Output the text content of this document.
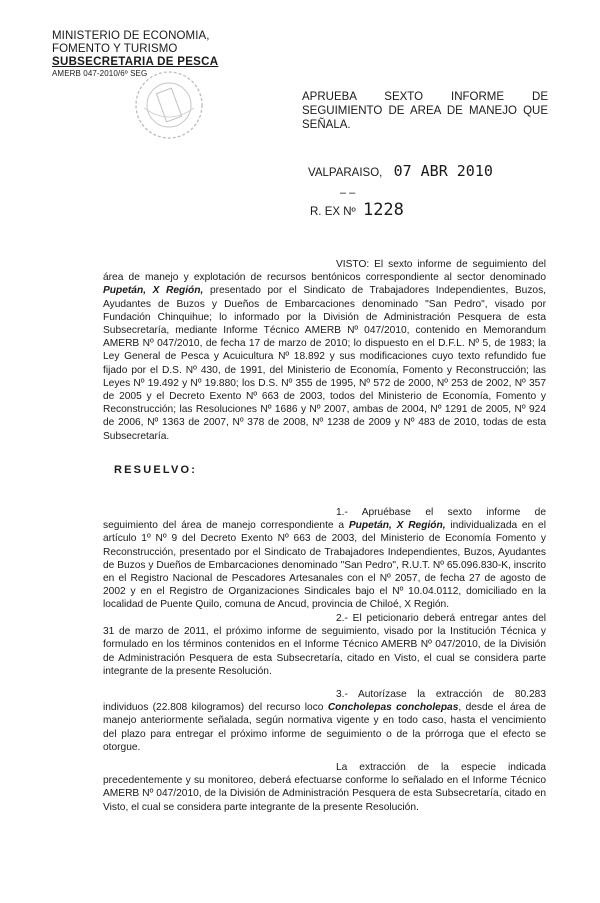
MINISTERIO DE ECONOMIA,
FOMENTO Y TURISMO
SUBSECRETARIA DE PESCA
AMERB 047-2010/6º SEG
APRUEBA SEXTO INFORME DE SEGUIMIENTO DE AREA DE MANEJO QUE SEÑALA.
VALPARAISO, 07 ABR 2010
– –
R. EX Nº 1228
VISTO: El sexto informe de seguimiento del área de manejo y explotación de recursos bentónicos correspondiente al sector denominado Pupetán, X Región, presentado por el Sindicato de Trabajadores Independientes, Buzos, Ayudantes de Buzos y Dueños de Embarcaciones denominado "San Pedro", visado por Fundación Chinquihue; lo informado por la División de Administración Pesquera de esta Subsecretaría, mediante Informe Técnico AMERB Nº 047/2010, contenido en Memorandum AMERB Nº 047/2010, de fecha 17 de marzo de 2010; lo dispuesto en el D.F.L. Nº 5, de 1983; la Ley General de Pesca y Acuicultura Nº 18.892 y sus modificaciones cuyo texto refundido fue fijado por el D.S. Nº 430, de 1991, del Ministerio de Economía, Fomento y Reconstrucción; las Leyes Nº 19.492 y Nº 19.880; los D.S. Nº 355 de 1995, Nº 572 de 2000, Nº 253 de 2002, Nº 357 de 2005 y el Decreto Exento Nº 663 de 2003, todos del Ministerio de Economía, Fomento y Reconstrucción; las Resoluciones Nº 1686 y Nº 2007, ambas de 2004, Nº 1291 de 2005, Nº 924 de 2006, Nº 1363 de 2007, Nº 378 de 2008, Nº 1238 de 2009 y Nº 483 de 2010, todas de esta Subsecretaría.
RESUELVO:
1.- Apruébase el sexto informe de seguimiento del área de manejo correspondiente a Pupetán, X Región, individualizada en el artículo 1º Nº 9 del Decreto Exento Nº 663 de 2003, del Ministerio de Economía Fomento y Reconstrucción, presentado por el Sindicato de Trabajadores Independientes, Buzos, Ayudantes de Buzos y Dueños de Embarcaciones denominado "San Pedro", R.U.T. Nº 65.096.830-K, inscrito en el Registro Nacional de Pescadores Artesanales con el Nº 2057, de fecha 27 de agosto de 2002 y en el Registro de Organizaciones Sindicales bajo el Nº 10.04.0112, domiciliado en la localidad de Puente Quilo, comuna de Ancud, provincia de Chiloé, X Región.
2.- El peticionario deberá entregar antes del 31 de marzo de 2011, el próximo informe de seguimiento, visado por la Institución Técnica y formulado en los términos contenidos en el Informe Técnico AMERB Nº 047/2010, de la División de Administración Pesquera de esta Subsecretaría, citado en Visto, el cual se considera parte integrante de la presente Resolución.
3.- Autorízase la extracción de 80.283 individuos (22.808 kilogramos) del recurso loco Concholepas concholepas, desde el área de manejo anteriormente señalada, según normativa vigente y en todo caso, hasta el vencimiento del plazo para entregar el próximo informe de seguimiento o de la prórroga que el efecto se otorgue.
La extracción de la especie indicada precedentemente y su monitoreo, deberá efectuarse conforme lo señalado en el Informe Técnico AMERB Nº 047/2010, de la División de Administración Pesquera de esta Subsecretaría, citado en Visto, el cual se considera parte integrante de la presente Resolución.
